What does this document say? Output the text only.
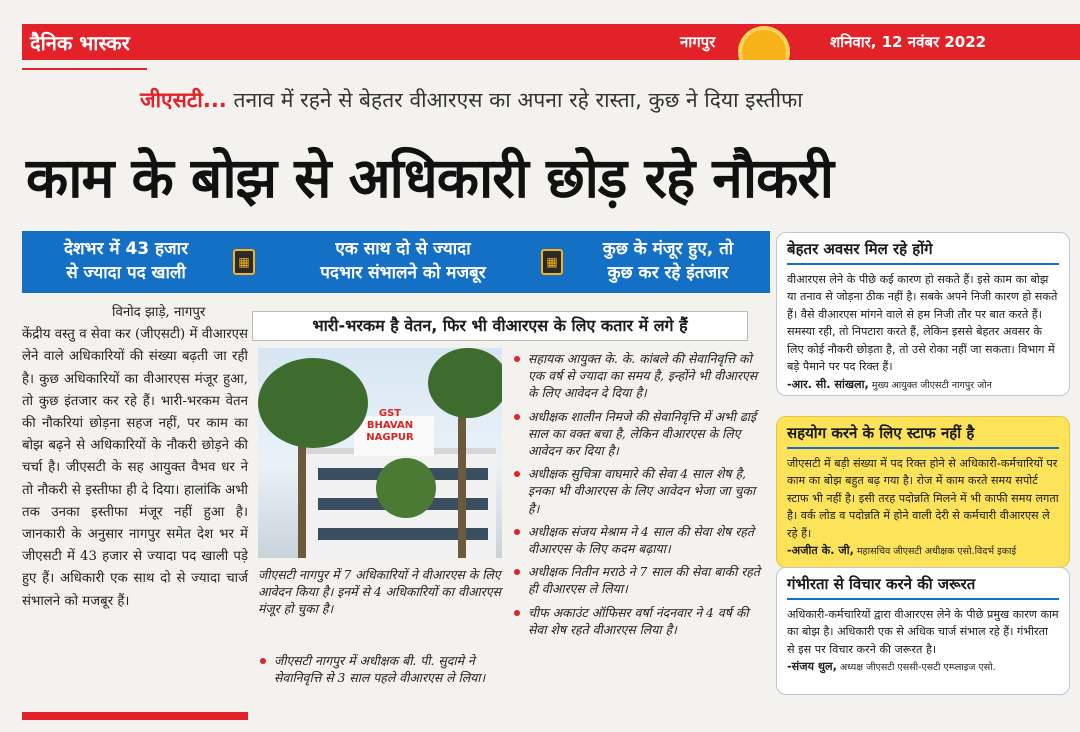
दैनिक भास्कर	नागपुर	शनिवार, 12 नवंबर 2022
जीएसटी... तनाव में रहने से बेहतर वीआरएस का अपना रहे रास्ता, कुछ ने दिया इस्तीफा
काम के बोझ से अधिकारी छोड़ रहे नौकरी
देशभर में 43 हजार
से ज्यादा पद खाली
▦
एक साथ दो से ज्यादा
पदभार संभालने को मजबूर
▦
कुछ के मंजूर हुए, तो
कुछ कर रहे इंतजार
विनोद झाड़े, नागपुर
केंद्रीय वस्तु व सेवा कर (जीएसटी) में वीआरएस लेने वाले अधिकारियों की संख्या बढ़ती जा रही है। कुछ अधिकारियों का वीआरएस मंजूर हुआ, तो कुछ इंतजार कर रहे हैं। भारी-भरकम वेतन की नौकरियां छोड़ना सहज नहीं, पर काम का बोझ बढ़ने से अधिकारियों के नौकरी छोड़ने की चर्चा है। जीएसटी के सह आयुक्त वैभव धर ने तो नौकरी से इस्तीफा ही दे दिया। हालांकि अभी तक उनका इस्तीफा मंजूर नहीं हुआ है। जानकारी के अनुसार नागपुर समेत देश भर में जीएसटी में 43 हजार से ज्यादा पद खाली पड़े हुए हैं। अधिकारी एक साथ दो से ज्यादा चार्ज संभालने को मजबूर हैं।
भारी-भरकम है वेतन, फिर भी वीआरएस के लिए कतार में लगे हैं
GST
BHAVAN
NAGPUR
जीएसटी नागपुर में 7 अधिकारियों ने वीआरएस के लिए आवेदन किया है। इनमें से 4 अधिकारियों का वीआरएस मंजूर हो चुका है।
जीएसटी नागपुर में अधीक्षक बी. पी. सुदामे ने सेवानिवृत्ति से 3 साल पहले वीआरएस ले लिया।
सहायक आयुक्त के. के. कांबले की सेवानिवृत्ति को एक वर्ष से ज्यादा का समय है, इन्होंने भी वीआरएस के लिए आवेदन दे दिया है।
अधीक्षक शालीन निमजे की सेवानिवृत्ति में अभी ढाई साल का वक्त बचा है, लेकिन वीआरएस के लिए आवेदन कर दिया है।
अधीक्षक सुचित्रा वाघमारे की सेवा 4 साल शेष है, इनका भी वीआरएस के लिए आवेदन भेजा जा चुका है।
अधीक्षक संजय मेश्राम ने 4 साल की सेवा शेष रहते वीआरएस के लिए कदम बढ़ाया।
अधीक्षक नितीन मराठे ने 7 साल की सेवा बाकी रहते ही वीआरएस ले लिया।
चीफ अकाउंट ऑफिसर वर्षा नंदनवार ने 4 वर्ष की सेवा शेष रहते वीआरएस लिया है।
बेहतर अवसर मिल रहे होंगे
वीआरएस लेने के पीछे कई कारण हो सकते हैं। इसे काम का बोझ या तनाव से जोड़ना ठीक नहीं है। सबके अपने निजी कारण हो सकते हैं। वैसे वीआरएस मांगने वाले से हम निजी तौर पर बात करते हैं। समस्या रही, तो निपटारा करते हैं, लेकिन इससे बेहतर अवसर के लिए कोई नौकरी छोड़ता है, तो उसे रोका नहीं जा सकता। विभाग में बड़े पैमाने पर पद रिक्त हैं।
-आर. सी. सांखला, मुख्य आयुक्त जीएसटी नागपुर जोन
सहयोग करने के लिए स्टाफ नहीं है
जीएसटी में बड़ी संख्या में पद रिक्त होने से अधिकारी-कर्मचारियों पर काम का बोझ बहुत बढ़ गया है। रोज में काम करते समय सपोर्ट स्टाफ भी नहीं है। इसी तरह पदोन्नति मिलने में भी काफी समय लगता है। वर्क लोड व पदोन्नति में होने वाली देरी से कर्मचारी वीआरएस ले रहे हैं।
-अजीत के. जी, महासचिव जीएसटी अधीक्षक एसो.विदर्भ इकाई
गंभीरता से विचार करने की जरूरत
अधिकारी-कर्मचारियों द्वारा वीआरएस लेने के पीछे प्रमुख कारण काम का बोझ है। अधिकारी एक से अधिक चार्ज संभाल रहे हैं। गंभीरता से इस पर विचार करने की जरूरत है।
-संजय थुल, अध्यक्ष जीएसटी एससी-एसटी एम्प्लाइज एसो.
